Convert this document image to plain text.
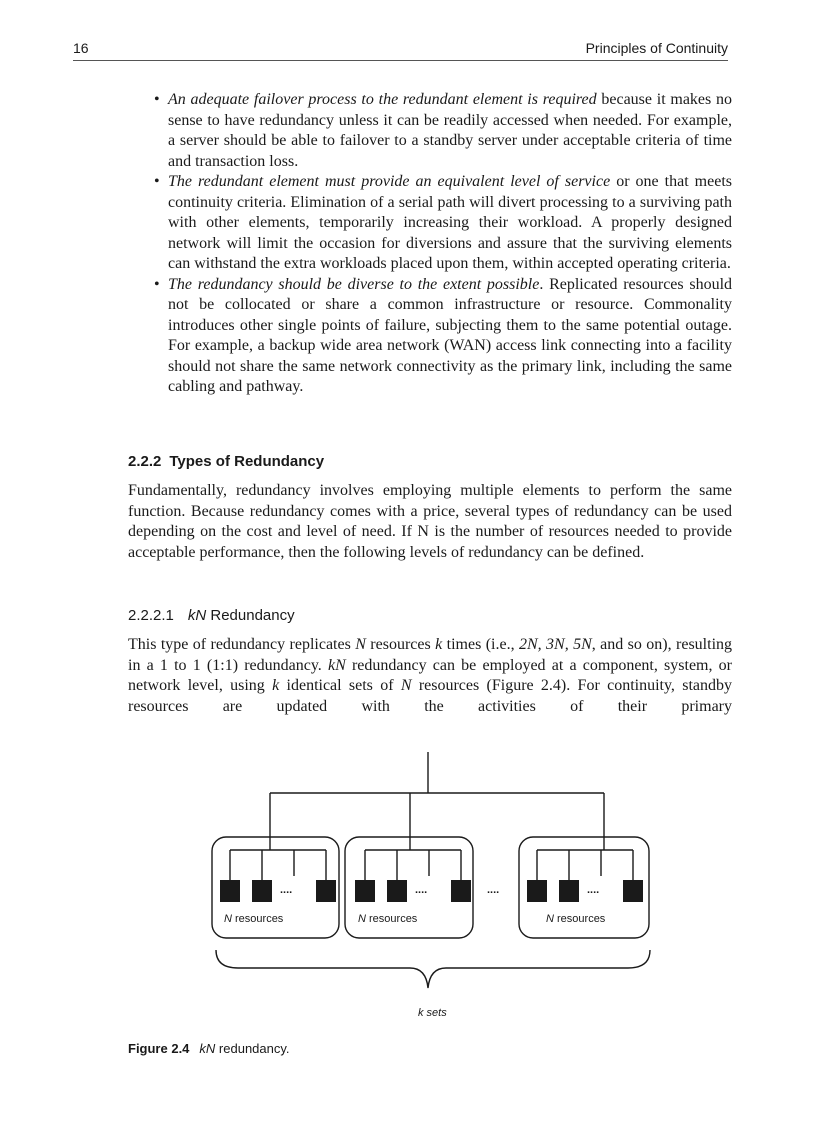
16	Principles of Continuity
• An adequate failover process to the redundant element is required because it makes no sense to have redundancy unless it can be readily accessed when needed. For example, a server should be able to failover to a standby server under acceptable criteria of time and transaction loss.
• The redundant element must provide an equivalent level of service or one that meets continuity criteria. Elimination of a serial path will divert processing to a surviving path with other elements, temporarily increasing their workload. A properly designed network will limit the occasion for diversions and assure that the surviving elements can withstand the extra workloads placed upon them, within accepted operating criteria.
• The redundancy should be diverse to the extent possible. Replicated resources should not be collocated or share a common infrastructure or resource. Commonality introduces other single points of failure, subjecting them to the same potential outage. For example, a backup wide area network (WAN) access link connecting into a facility should not share the same network connectivity as the primary link, including the same cabling and pathway.
2.2.2 Types of Redundancy

Fundamentally, redundancy involves employing multiple elements to perform the same function. Because redundancy comes with a price, several types of redundancy can be used depending on the cost and level of need. If N is the number of resources needed to provide acceptable performance, then the following levels of redundancy can be defined.

2.2.2.1 kN Redundancy

This type of redundancy replicates N resources k times (i.e., 2N, 3N, 5N, and so on), resulting in a 1 to 1 (1:1) redundancy. kN redundancy can be employed at a component, system, or network level, using k identical sets of N resources (Figure 2.4). For continuity, standby resources are updated with the activities of their primary

....	....	....
....
N resources	N resources	N resources
k sets
Figure 2.4 kN redundancy.
